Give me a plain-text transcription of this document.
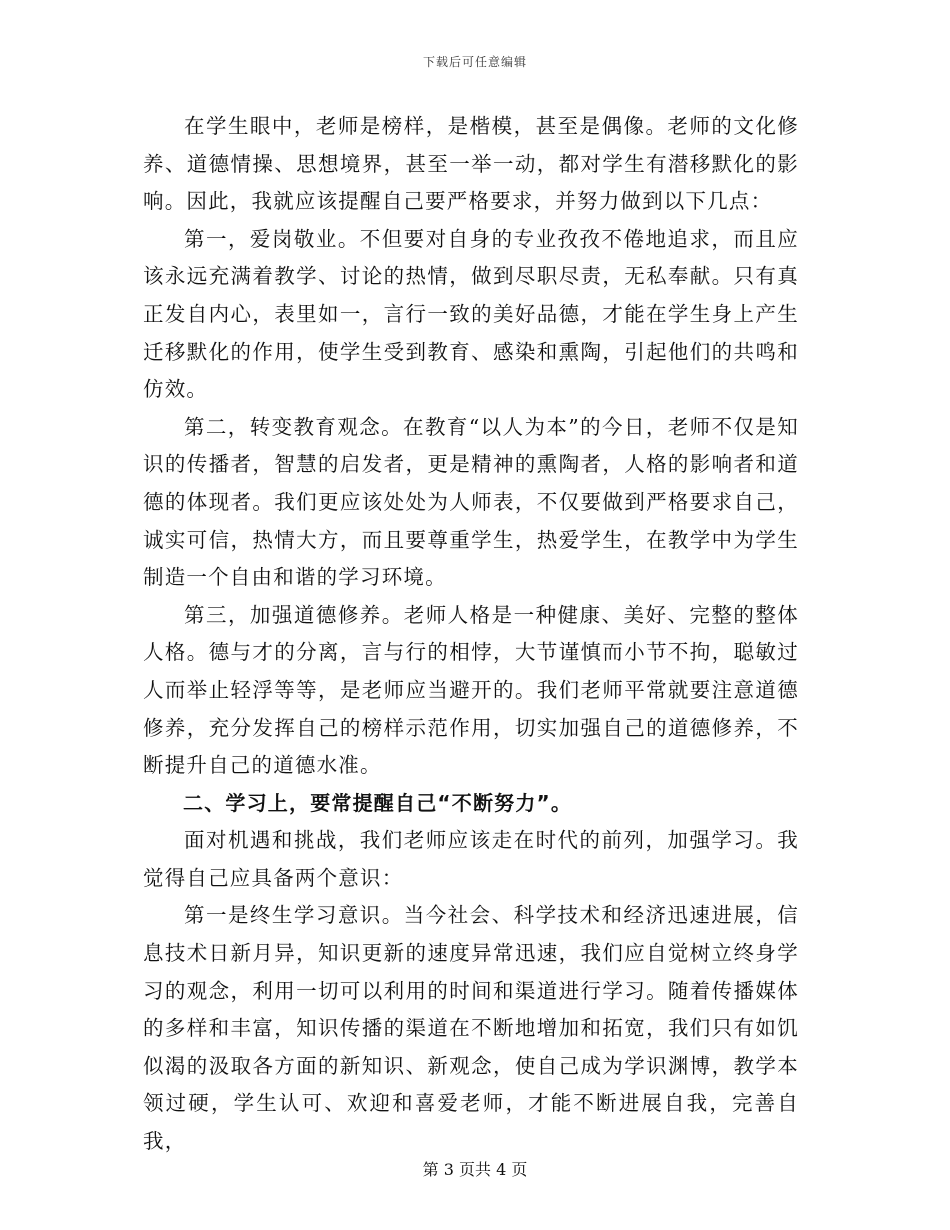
下载后可任意编辑

在学生眼中，老师是榜样，是楷模，甚至是偶像。老师的文化修养、道德情操、思想境界，甚至一举一动，都对学生有潜移默化的影响。因此，我就应该提醒自己要严格要求，并努力做到以下几点：

第一，爱岗敬业。不但要对自身的专业孜孜不倦地追求，而且应该永远充满着教学、讨论的热情，做到尽职尽责，无私奉献。只有真正发自内心，表里如一，言行一致的美好品德，才能在学生身上产生迁移默化的作用，使学生受到教育、感染和熏陶，引起他们的共鸣和仿效。

第二，转变教育观念。在教育“以人为本”的今日，老师不仅是知识的传播者，智慧的启发者，更是精神的熏陶者，人格的影响者和道德的体现者。我们更应该处处为人师表，不仅要做到严格要求自己，诚实可信，热情大方，而且要尊重学生，热爱学生，在教学中为学生制造一个自由和谐的学习环境。

第三，加强道德修养。老师人格是一种健康、美好、完整的整体人格。德与才的分离，言与行的相悖，大节谨慎而小节不拘，聪敏过人而举止轻浮等等，是老师应当避开的。我们老师平常就要注意道德修养，充分发挥自己的榜样示范作用，切实加强自己的道德修养，不断提升自己的道德水准。

二、学习上，要常提醒自己“不断努力”。

面对机遇和挑战，我们老师应该走在时代的前列，加强学习。我觉得自己应具备两个意识：

第一是终生学习意识。当今社会、科学技术和经济迅速进展，信息技术日新月异，知识更新的速度异常迅速，我们应自觉树立终身学习的观念，利用一切可以利用的时间和渠道进行学习。随着传播媒体的多样和丰富，知识传播的渠道在不断地增加和拓宽，我们只有如饥似渴的汲取各方面的新知识、新观念，使自己成为学识渊博，教学本领过硬，学生认可、欢迎和喜爱老师，才能不断进展自我，完善自我，

第 3 页共 4 页
